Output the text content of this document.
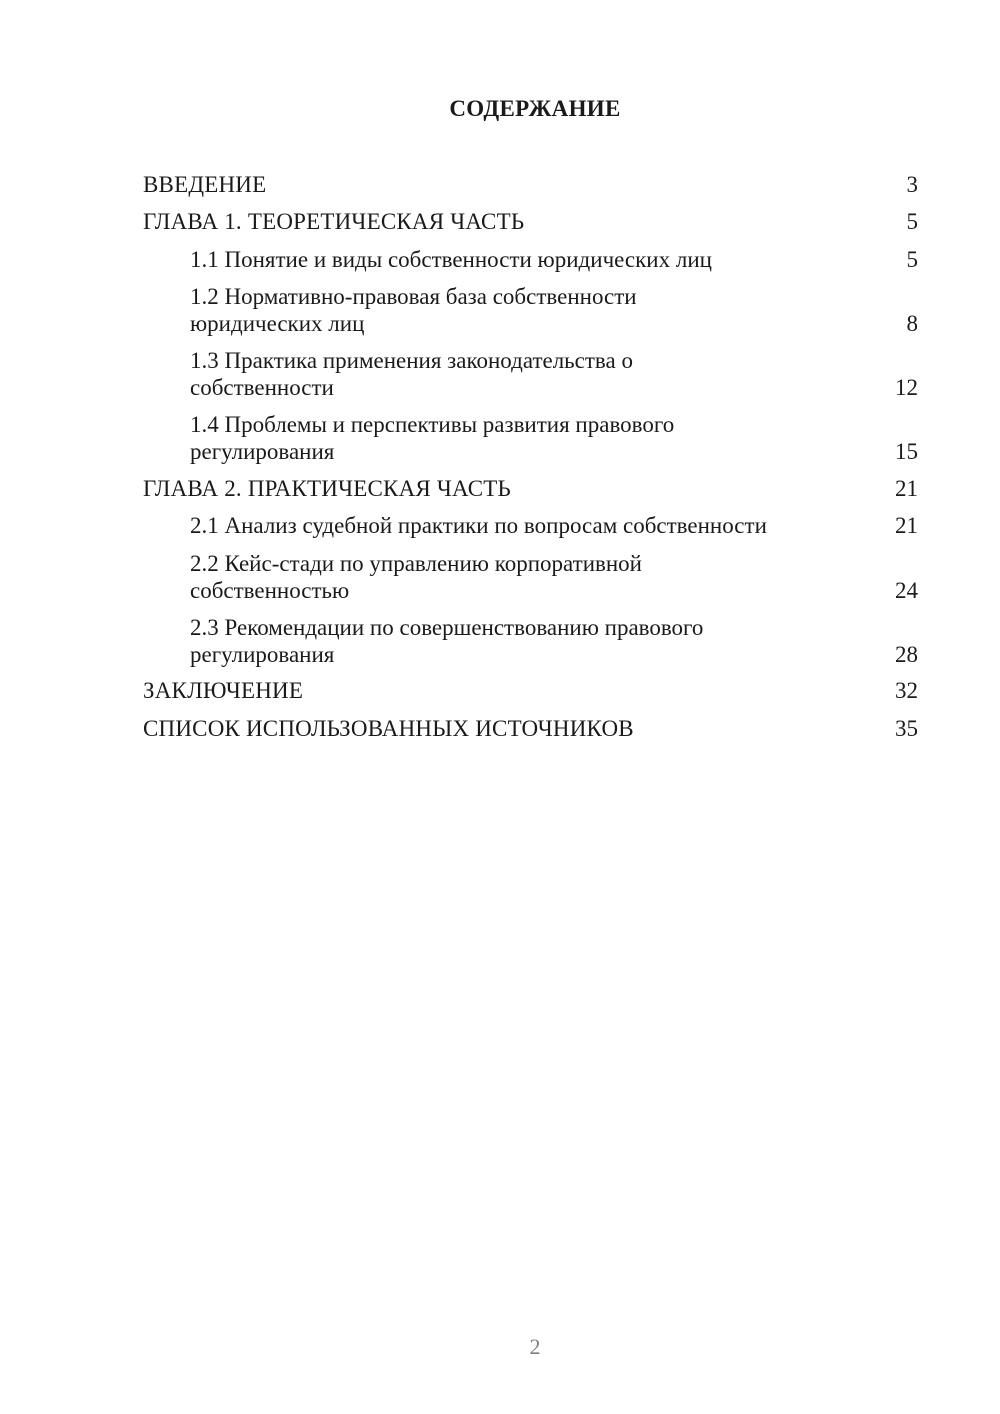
СОДЕРЖАНИЕ
ВВЕДЕНИЕ	3
ГЛАВА 1. ТЕОРЕТИЧЕСКАЯ ЧАСТЬ	5
1.1 Понятие и виды собственности юридических лиц	5
1.2 Нормативно-правовая база собственности
юридических лиц	8
1.3 Практика применения законодательства о
собственности	12
1.4 Проблемы и перспективы развития правового
регулирования	15
ГЛАВА 2. ПРАКТИЧЕСКАЯ ЧАСТЬ	21
2.1 Анализ судебной практики по вопросам собственности	21
2.2 Кейс-стади по управлению корпоративной
собственностью	24
2.3 Рекомендации по совершенствованию правового
регулирования	28
ЗАКЛЮЧЕНИЕ	32
СПИСОК ИСПОЛЬЗОВАННЫХ ИСТОЧНИКОВ	35
2
